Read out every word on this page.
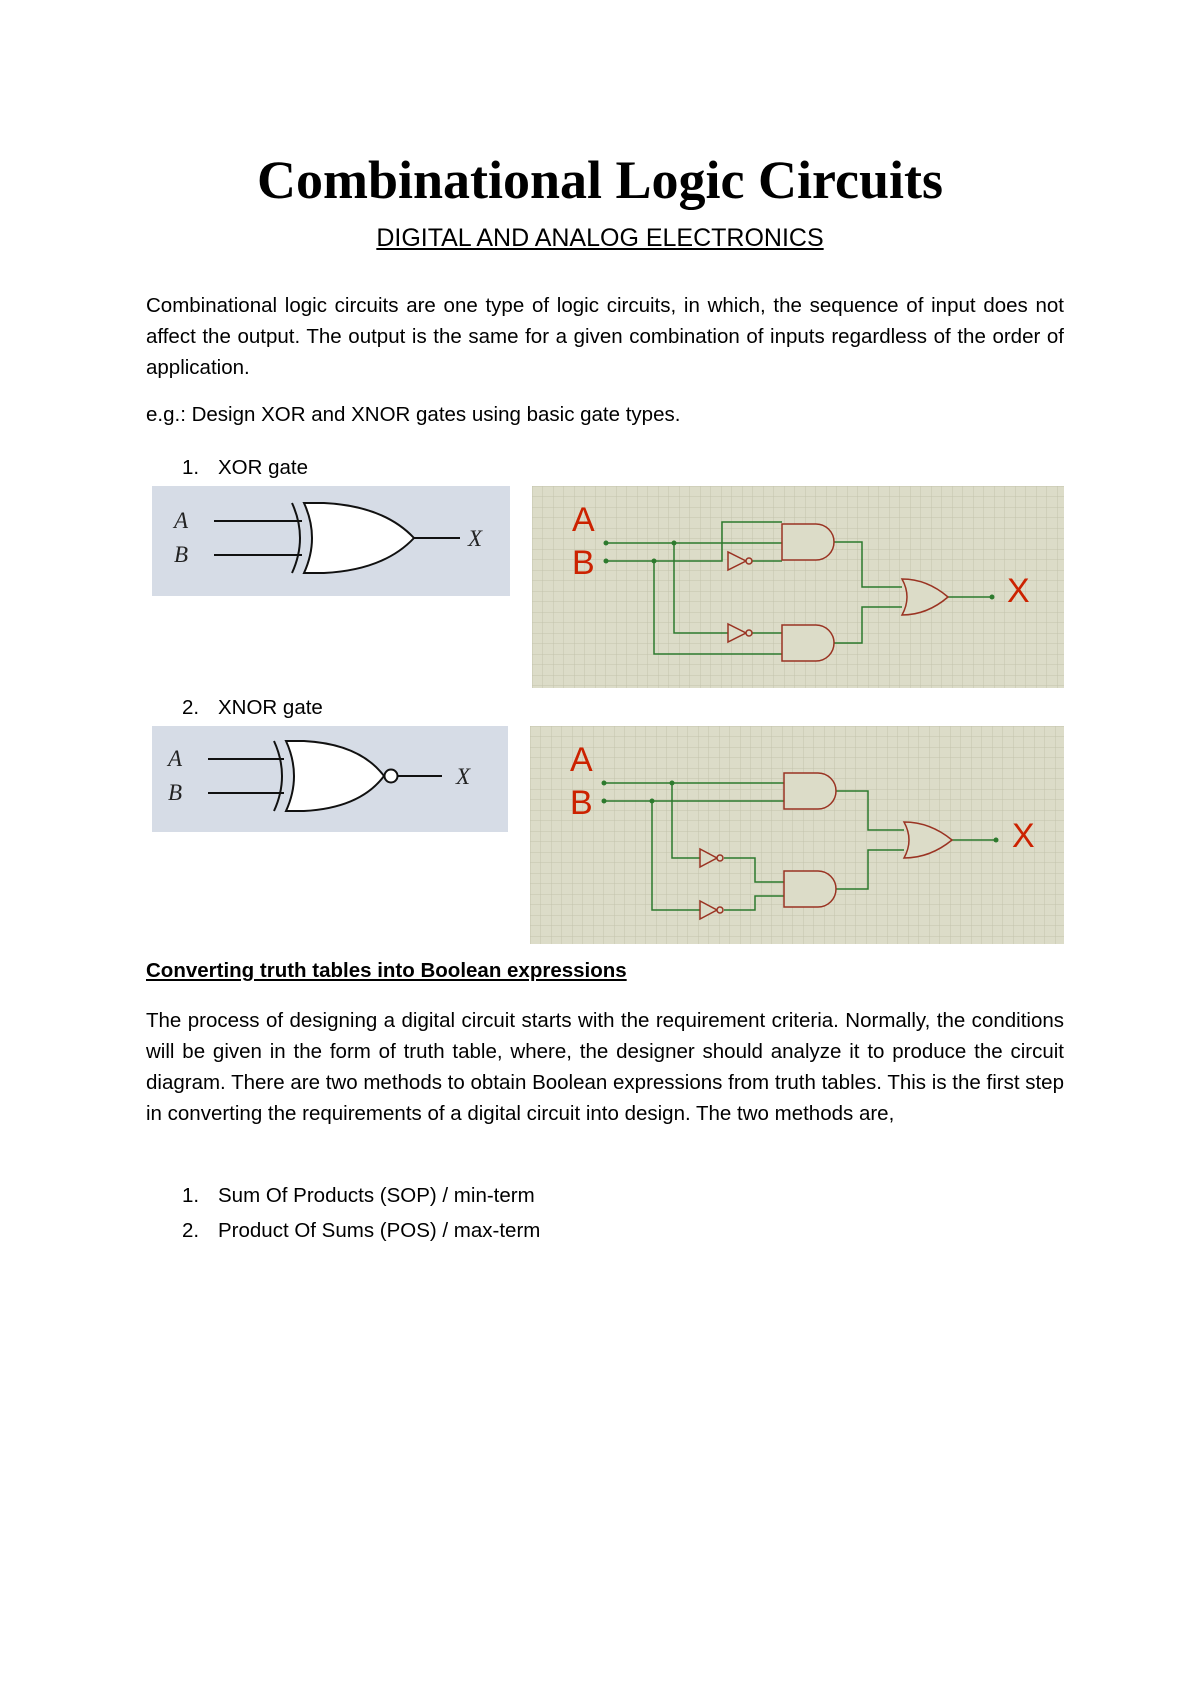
Combinational Logic Circuits
DIGITAL AND ANALOG ELECTRONICS

Combinational logic circuits are one type of logic circuits, in which, the sequence of input does not affect the output. The output is the same for a given combination of inputs regardless of the order of application.

e.g.: Design XOR and XNOR gates using basic gate types.

1. XOR gate
A
B
X	A
B
X
2. XNOR gate
A
B
X	A
B
X

Converting truth tables into Boolean expressions

The process of designing a digital circuit starts with the requirement criteria. Normally, the conditions will be given in the form of truth table, where, the designer should analyze it to produce the circuit diagram. There are two methods to obtain Boolean expressions from truth tables. This is the first step in converting the requirements of a digital circuit into design. The two methods are,

1. Sum Of Products (SOP) / min-term
2. Product Of Sums (POS) / max-term
